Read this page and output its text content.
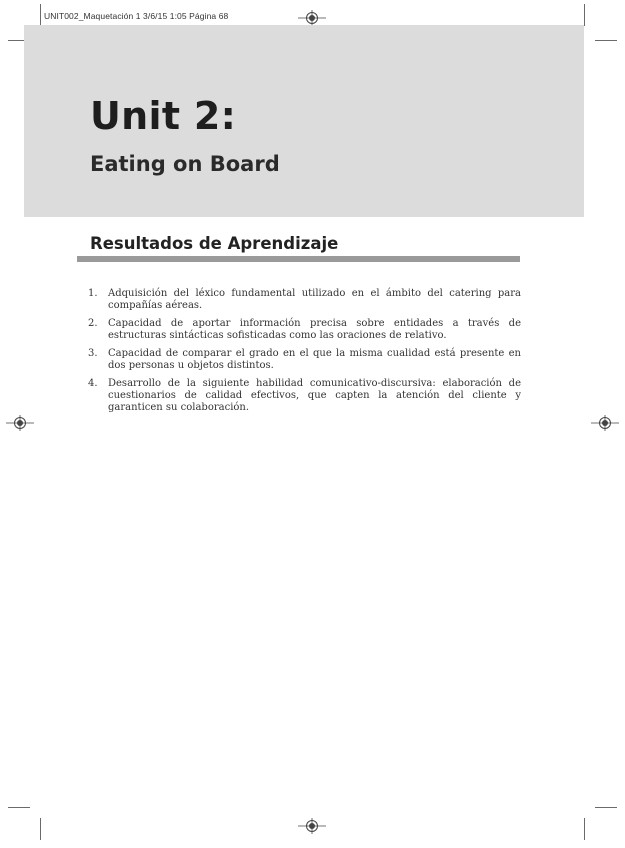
UNIT002_Maquetación 1 3/6/15 1:05 Página 68
Unit 2:
Eating on Board
Resultados de Aprendizaje
1.	Adquisición del léxico fundamental utilizado en el ámbito del catering para compañías aéreas.
2.	Capacidad de aportar información precisa sobre entidades a través de estructuras sintácticas sofisticadas como las oraciones de relativo.
3.	Capacidad de comparar el grado en el que la misma cualidad está presente en dos personas u objetos distintos.
4.	Desarrollo de la siguiente habilidad comunicativo-discursiva: elaboración de cuestionarios de calidad efectivos, que capten la atención del cliente y garanticen su colaboración.
